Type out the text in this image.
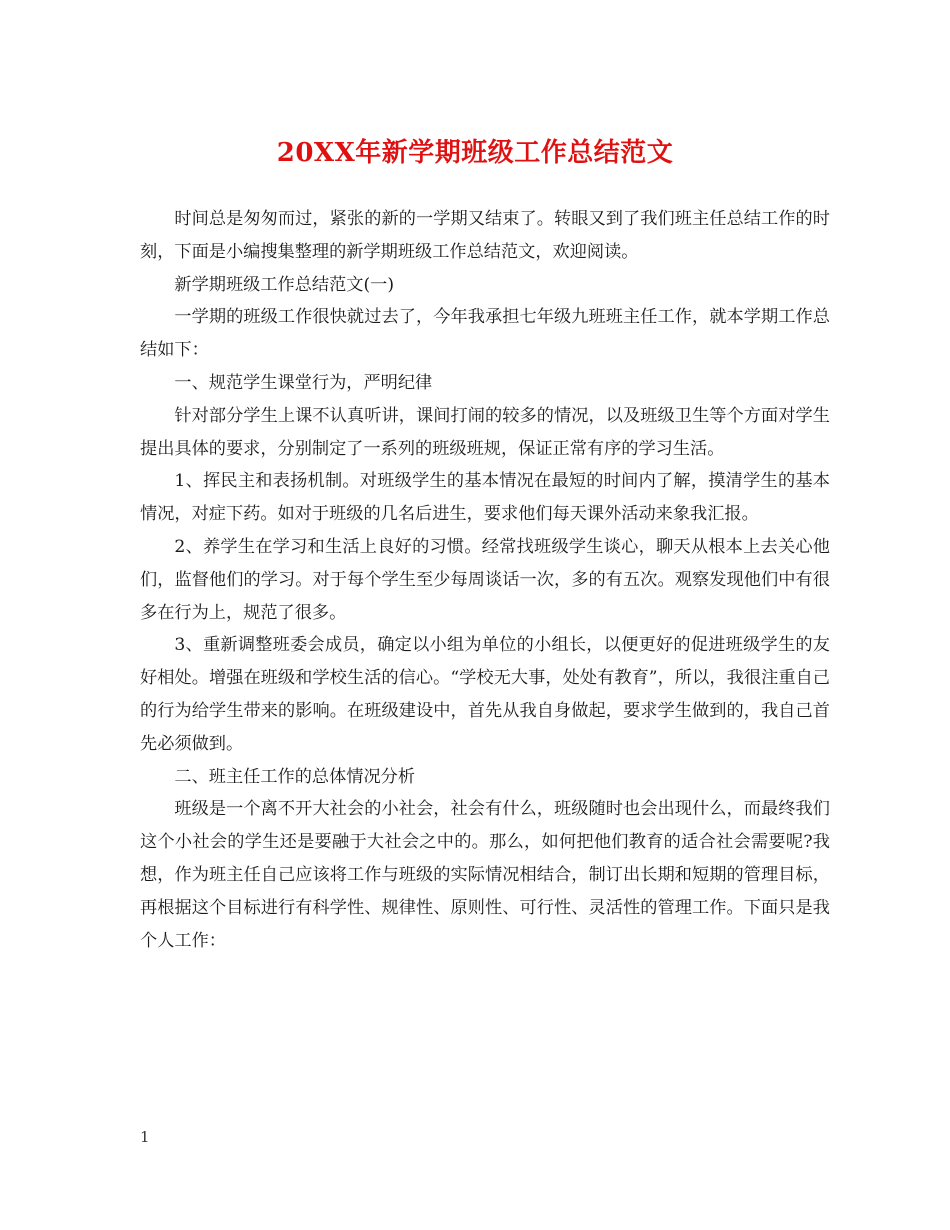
20XX年新学期班级工作总结范文

时间总是匆匆而过，紧张的新的一学期又结束了。转眼又到了我们班主任总结工作的时刻，下面是小编搜集整理的新学期班级工作总结范文，欢迎阅读。

新学期班级工作总结范文(一)

一学期的班级工作很快就过去了，今年我承担七年级九班班主任工作，就本学期工作总结如下：

一、规范学生课堂行为，严明纪律

针对部分学生上课不认真听讲，课间打闹的较多的情况，以及班级卫生等个方面对学生提出具体的要求，分别制定了一系列的班级班规，保证正常有序的学习生活。

1、挥民主和表扬机制。对班级学生的基本情况在最短的时间内了解，摸清学生的基本情况，对症下药。如对于班级的几名后进生，要求他们每天课外活动来象我汇报。

2、养学生在学习和生活上良好的习惯。经常找班级学生谈心，聊天从根本上去关心他们，监督他们的学习。对于每个学生至少每周谈话一次，多的有五次。观察发现他们中有很多在行为上，规范了很多。

3、重新调整班委会成员，确定以小组为单位的小组长，以便更好的促进班级学生的友好相处。增强在班级和学校生活的信心。“学校无大事，处处有教育”，所以，我很注重自己的行为给学生带来的影响。在班级建设中，首先从我自身做起，要求学生做到的，我自己首先必须做到。

二、班主任工作的总体情况分析

班级是一个离不开大社会的小社会，社会有什么，班级随时也会出现什么，而最终我们这个小社会的学生还是要融于大社会之中的。那么，如何把他们教育的适合社会需要呢?我想，作为班主任自己应该将工作与班级的实际情况相结合，制订出长期和短期的管理目标，再根据这个目标进行有科学性、规律性、原则性、可行性、灵活性的管理工作。下面只是我个人工作：

1
